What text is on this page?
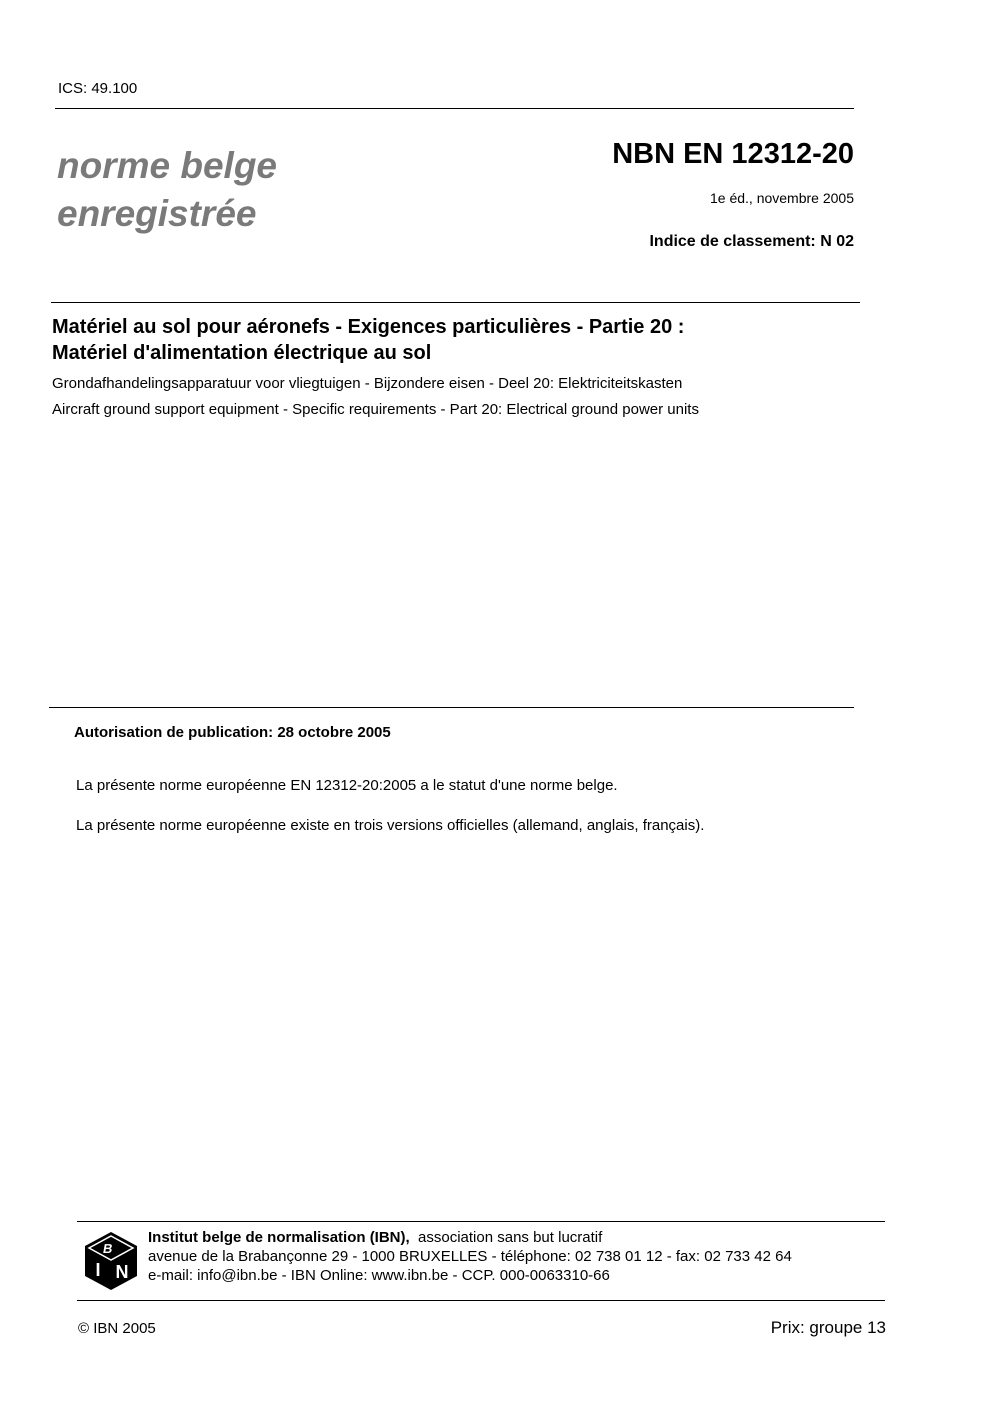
ICS: 49.100
norme belge
enregistrée
NBN EN 12312-20
1e éd., novembre 2005
Indice de classement: N 02
Matériel au sol pour aéronefs - Exigences particulières - Partie 20 :
Matériel d'alimentation électrique au sol
Grondafhandelingsapparatuur voor vliegtuigen - Bijzondere eisen - Deel 20: Elektriciteitskasten
Aircraft ground support equipment - Specific requirements - Part 20: Electrical ground power units
Autorisation de publication: 28 octobre 2005
La présente norme européenne EN 12312-20:2005 a le statut d'une norme belge.
La présente norme européenne existe en trois versions officielles (allemand, anglais, français).
B
I N
Institut belge de normalisation (IBN), association sans but lucratif
avenue de la Brabançonne 29 - 1000 BRUXELLES - téléphone: 02 738 01 12 - fax: 02 733 42 64
e-mail: info@ibn.be - IBN Online: www.ibn.be - CCP. 000-0063310-66
© IBN 2005	Prix: groupe 13
